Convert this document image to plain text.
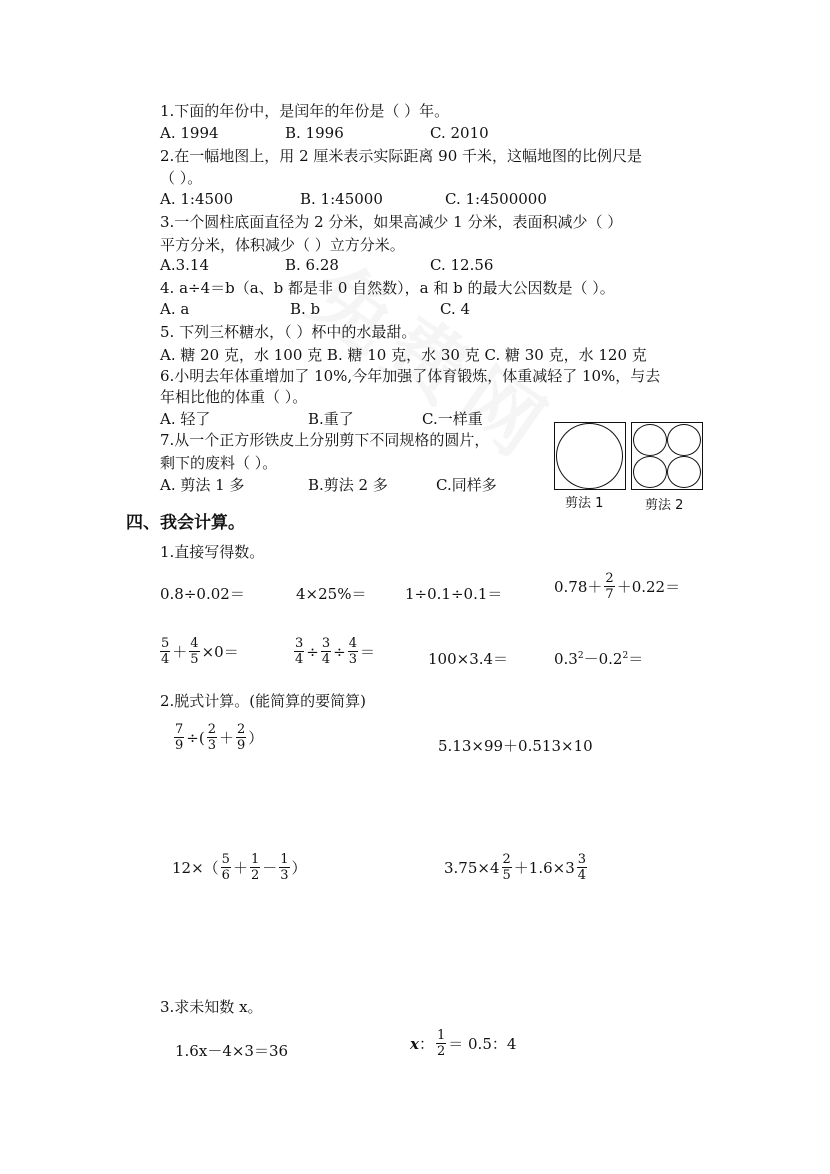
1.下面的年份中，是闰年的年份是（ ）年。
A. 1994	B. 1996	C. 2010
2.在一幅地图上，用 2 厘米表示实际距离 90 千米，这幅地图的比例尺是
（ ）。
A. 1:4500	B. 1:45000	C. 1:4500000
3.一个圆柱底面直径为 2 分米，如果高减少 1 分米，表面积减少（ ）
平方分米，体积减少（ ）立方分米。
A.3.14	B. 6.28	C. 12.56
4. a÷4＝b（a、b 都是非 0 自然数），a 和 b 的最大公因数是（ ）。
A. a	B. b	C. 4
5. 下列三杯糖水，（ ）杯中的水最甜。
A. 糖 20 克，水 100 克 B. 糖 10 克，水 30 克 C. 糖 30 克，水 120 克
6.小明去年体重增加了 10%,今年加强了体育锻炼，体重减轻了 10%，与去
年相比他的体重（ ）。
A. 轻了	B.重了	C.一样重
7.从一个正方形铁皮上分别剪下不同规格的圆片，
剩下的废料（ ）。
A. 剪法 1 多	B.剪法 2 多	C.同样多
剪法 1	剪法 2
四、我会计算。
1.直接写得数。
0.8÷0.02＝	4×25%＝	1÷0.1÷0.1＝	$0.78+ \frac{2}{7} +0.22=$
$\frac{5}{4} + \frac{4}{5} \times 0=$	$\frac{3}{4} \div \frac{3}{4} \div \frac{4}{3}$ ＝	100×3.4＝	$0.3^2-0.2^2=$
2.脱式计算。(能简算的要简算)
$\frac{7}{9}$ ÷( $\frac{2}{3} + \frac{2}{9}$ ）	5.13×99＋0.513×10
$12\times( \frac{5}{6} + \frac{1}{2} - \frac{1}{3}$ ）	$3.75\times 4 \frac{2}{5} +1.6\times 3 \frac{3}{4}$
3.求未知数 x。
1.6x－4×3＝36	x ： $\frac{1}{2} = 0.5$：4
